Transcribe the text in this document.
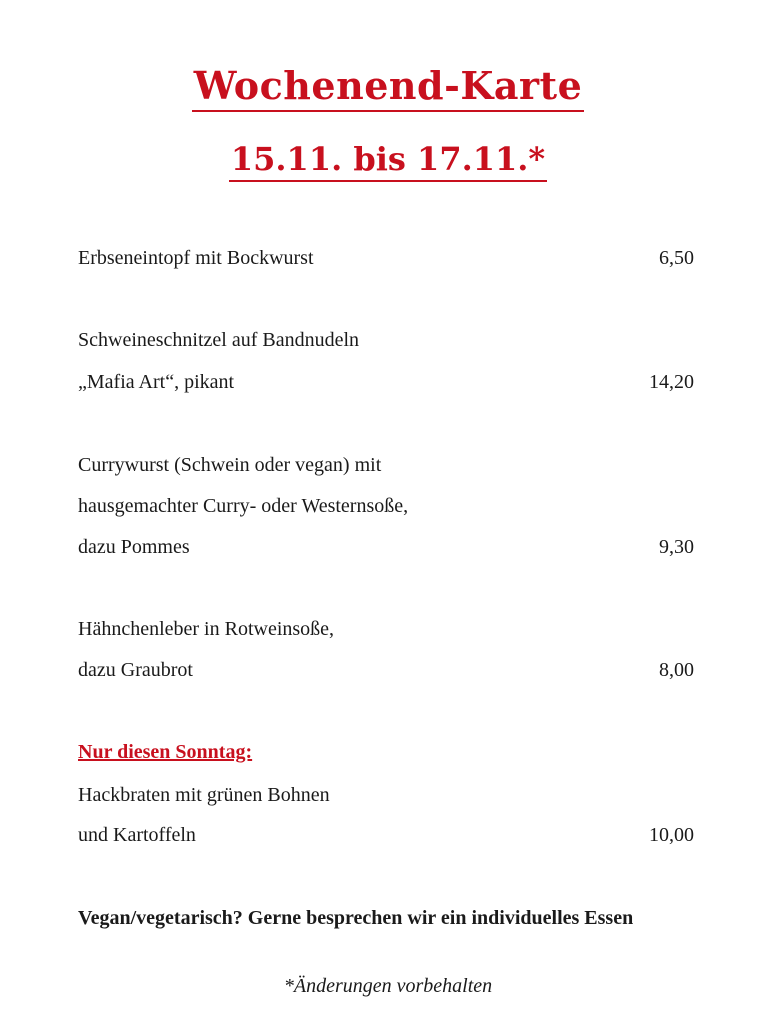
Wochenend-Karte
15.11. bis 17.11.*
Erbseneintopf mit Bockwurst	6,50
Schweineschnitzel auf Bandnudeln
„Mafia Art“, pikant	14,20
Currywurst (Schwein oder vegan) mit
hausgemachter Curry- oder Westernsoße,
dazu Pommes	9,30
Hähnchenleber in Rotweinsoße,
dazu Graubrot	8,00
Nur diesen Sonntag:
Hackbraten mit grünen Bohnen
und Kartoffeln	10,00
Vegan/vegetarisch? Gerne besprechen wir ein individuelles Essen
*Änderungen vorbehalten
